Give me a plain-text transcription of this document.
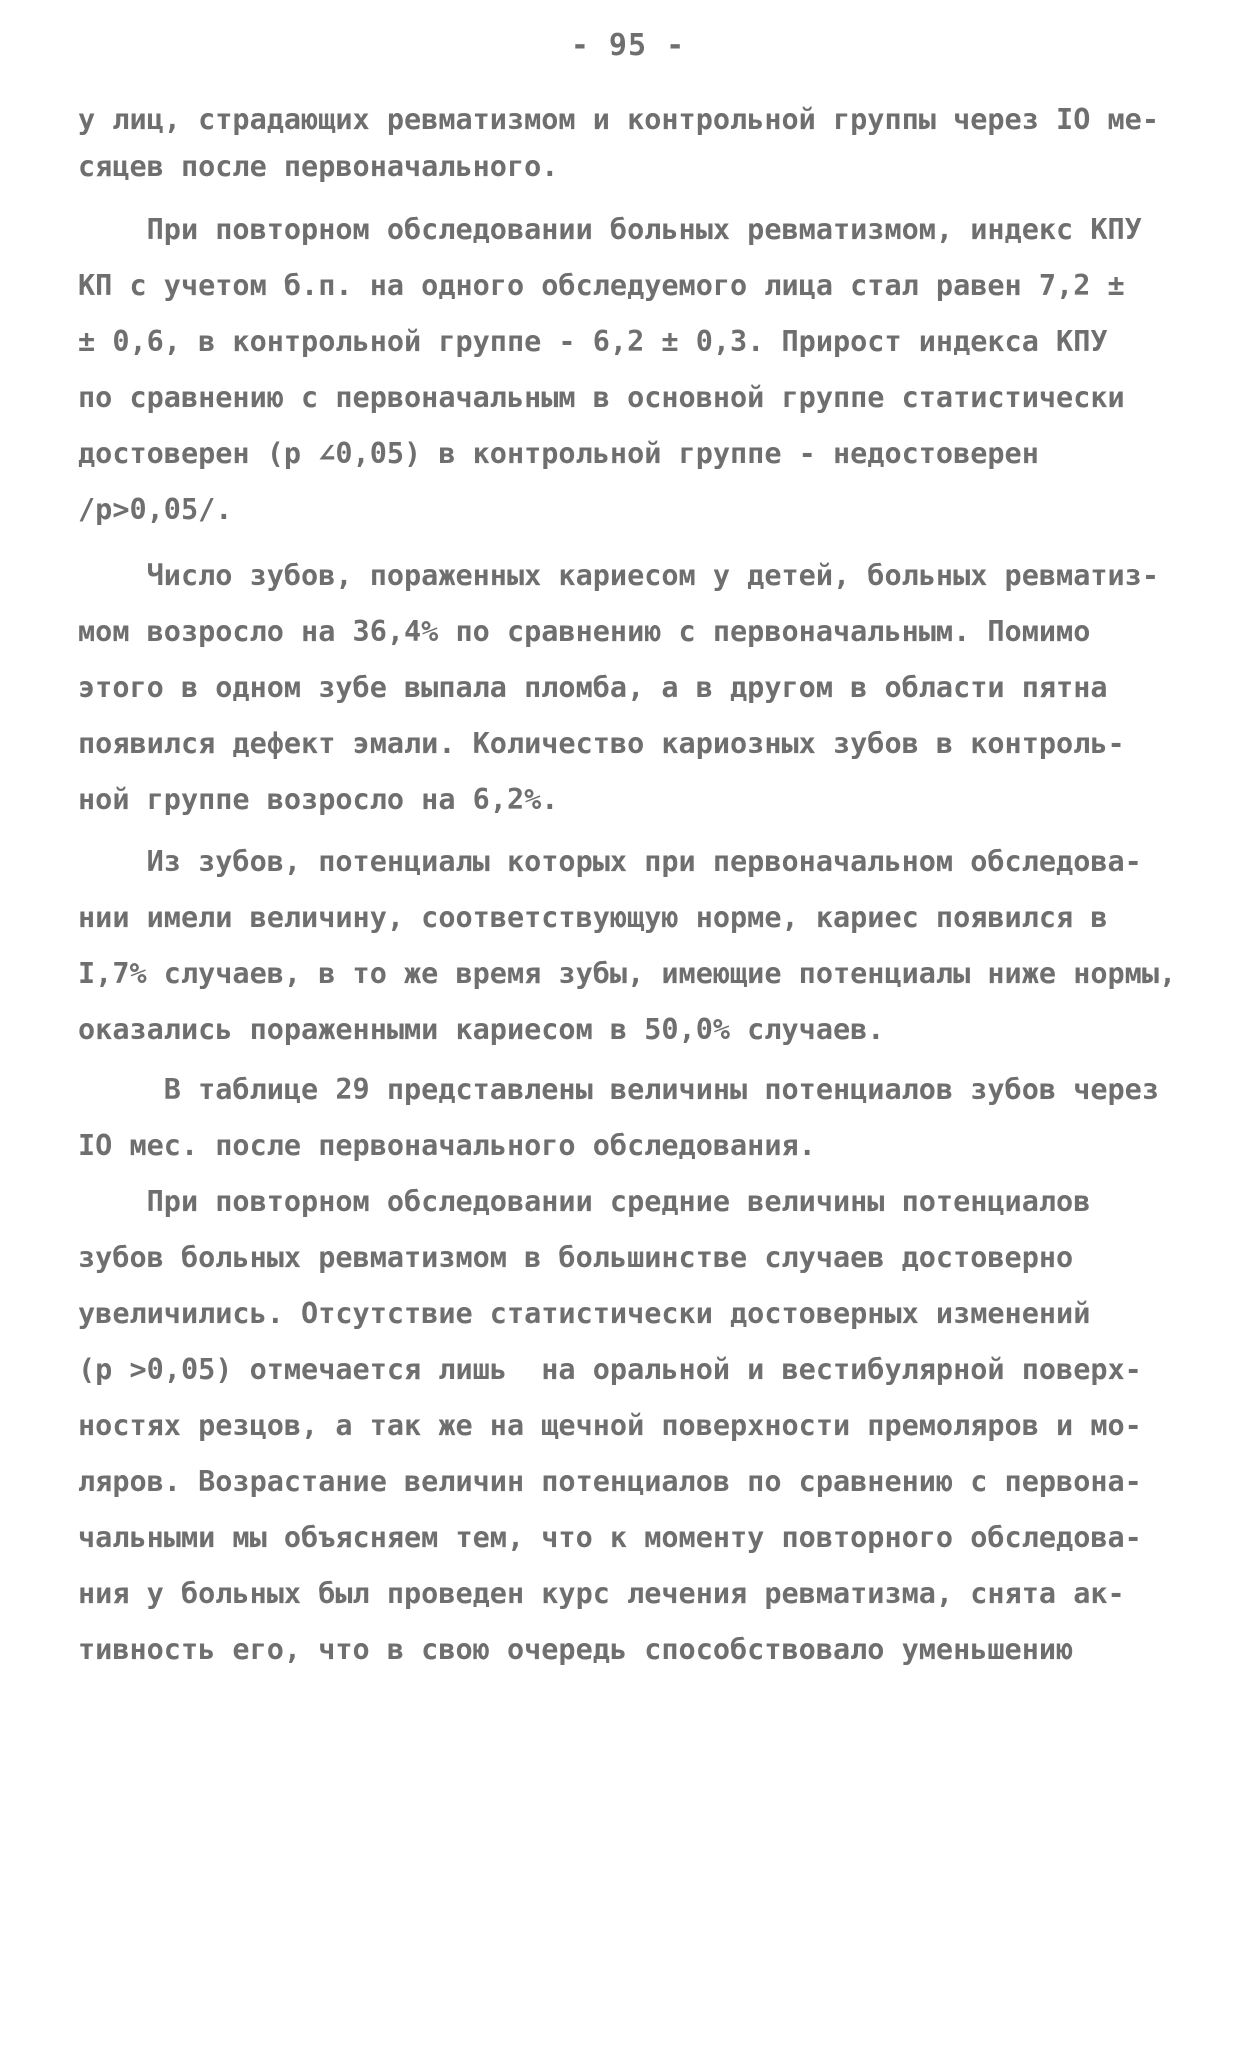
- 95 -
у лиц, страдающих ревматизмом и контрольной группы через IO ме-
сяцев после первоначального.
При повторном обследовании больных ревматизмом, индекс КПУ
КП с учетом б.п. на одного обследуемого лица стал равен 7,2 ±
± 0,6, в контрольной группе - 6,2 ± 0,3. Прирост индекса КПУ
по сравнению с первоначальным в основной группе статистически
достоверен (p ∠0,05) в контрольной группе - недостоверен
/p>0,05/.
Число зубов, пораженных кариесом у детей, больных ревматиз-
мом возросло на 36,4% по сравнению с первоначальным. Помимо
этого в одном зубе выпала пломба, а в другом в области пятна
появился дефект эмали. Количество кариозных зубов в контроль-
ной группе возросло на 6,2%.
Из зубов, потенциалы которых при первоначальном обследова-
нии имели величину, соответствующую норме, кариес появился в
I,7% случаев, в то же время зубы, имеющие потенциалы ниже нормы,
оказались пораженными кариесом в 50,0% случаев.
В таблице 29 представлены величины потенциалов зубов через
IO мес. после первоначального обследования.
При повторном обследовании средние величины потенциалов
зубов больных ревматизмом в большинстве случаев достоверно
увеличились. Отсутствие статистически достоверных изменений
(p >0,05) отмечается лишь  на оральной и вестибулярной поверх-
ностях резцов, а так же на щечной поверхности премоляров и мо-
ляров. Возрастание величин потенциалов по сравнению с первона-
чальными мы объясняем тем, что к моменту повторного обследова-
ния у больных был проведен курс лечения ревматизма, снята ак-
тивность его, что в свою очередь способствовало уменьшению
